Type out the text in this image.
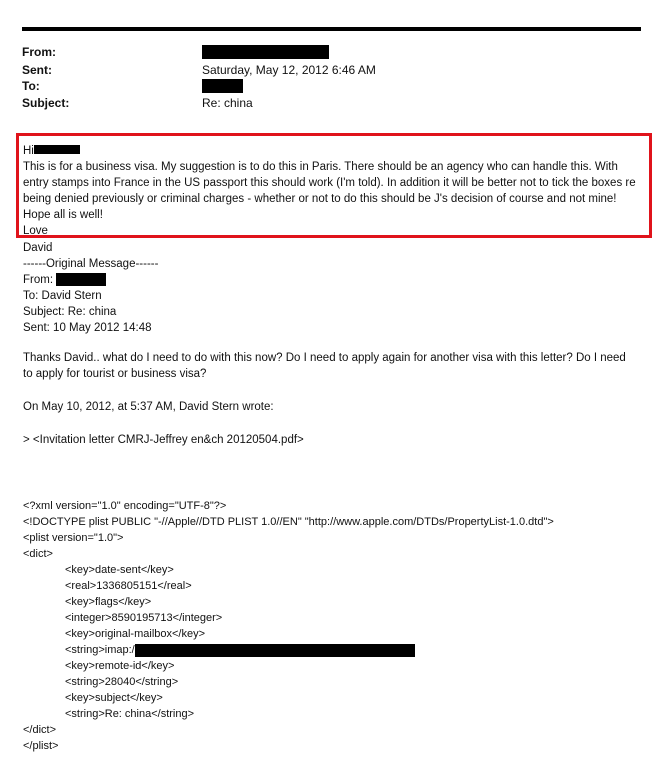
From:
Sent:	Saturday, May 12, 2012 6:46 AM
To:
Subject:	Re: china
Hi
This is for a business visa. My suggestion is to do this in Paris. There should be an agency who can handle this. With entry stamps into France in the US passport this should work (I'm told). In addition it will be better not to tick the boxes re being denied previously or criminal charges - whether or not to do this should be J's decision of course and not mine!
Hope all is well!
Love
David
------Original Message------
From:
To: David Stern
Subject: Re: china
Sent: 10 May 2012 14:48
Thanks David.. what do I need to do with this now? Do I need to apply again for another visa with this letter? Do I need to apply for tourist or business visa?
On May 10, 2012, at 5:37 AM, David Stern wrote:
> <Invitation letter CMRJ-Jeffrey en&ch 20120504.pdf>
<?xml version="1.0" encoding="UTF-8"?>
<!DOCTYPE plist PUBLIC "-//Apple//DTD PLIST 1.0//EN" "http://www.apple.com/DTDs/PropertyList-1.0.dtd">
<plist version="1.0">
<dict>
<key>date-sent</key>
<real>1336805151</real>
<key>flags</key>
<integer>8590195713</integer>
<key>original-mailbox</key>
<string>imap:/
<key>remote-id</key>
<string>28040</string>
<key>subject</key>
<string>Re: china</string>
</dict>
</plist>
